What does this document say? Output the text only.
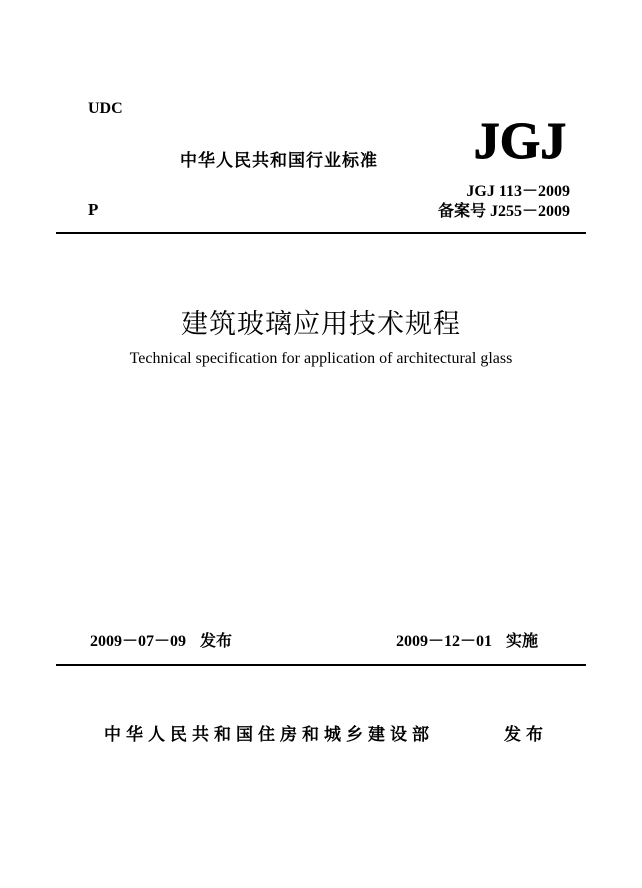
UDC
中华人民共和国行业标准 JGJ
P
JGJ 113－2009
备案号 J255－2009
建筑玻璃应用技术规程
Technical specification for application of architectural glass
2009－07－09 发布	2009－12－01 实施
中华人民共和国住房和城乡建设部	发布
